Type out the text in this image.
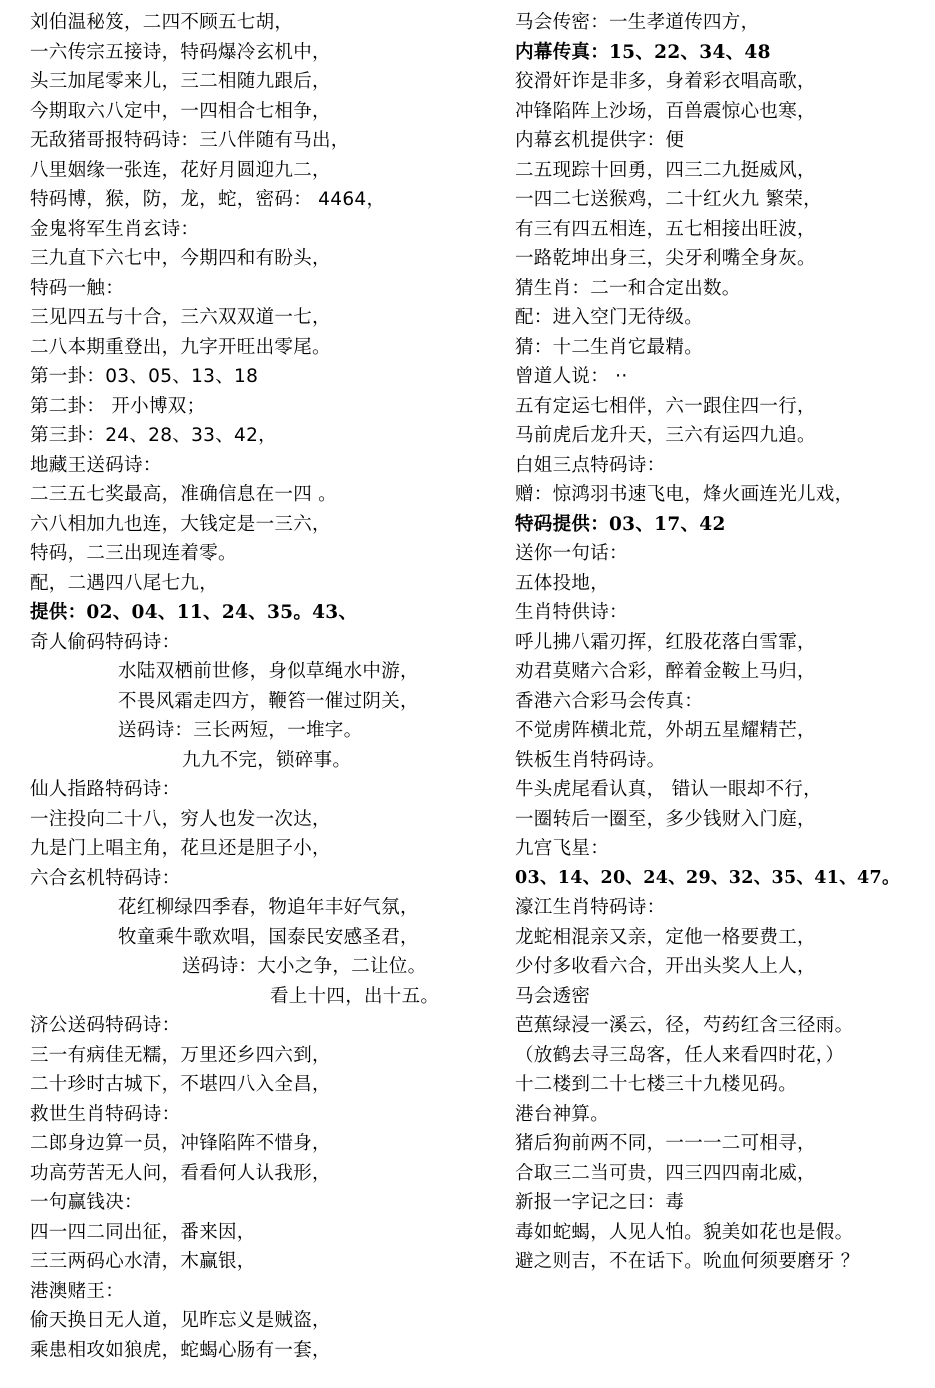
刘伯温秘笈，二四不顾五七胡，
一六传宗五接诗，特码爆冷玄机中，
头三加尾零来儿，三二相随九跟后，
今期取六八定中，一四相合七相争，
无敌猪哥报特码诗：三八伴随有马出，
八里姻缘一张连，花好月圆迎九二，
特码博，猴，防，龙，蛇，密码： 4464，
金鬼将军生肖玄诗：
三九直下六七中，今期四和有盼头，
特码一触：
三见四五与十合，三六双双道一七，
二八本期重登出，九字开旺出零尾。
第一卦：03、05、13、18
第二卦： 开小博双；
第三卦：24、28、33、42，
地藏王送码诗：
二三五七奖最高，准确信息在一四 。
六八相加九也连，大钱定是一三六，
特码，二三出现连着零。
配，二遇四八尾七九，
提供：02、04、11、24、35。43、
奇人偷码特码诗：
水陆双栖前世修，身似草绳水中游，
不畏风霜走四方，鞭笞一催过阴关，
送码诗：三长两短，一堆字。
九九不完，锁碎事。
仙人指路特码诗：
一注投向二十八，穷人也发一次达，
九是门上唱主角，花旦还是胆子小，
六合玄机特码诗：
花红柳绿四季春，物追年丰好气氛，
牧童乘牛歌欢唱，国泰民安感圣君，
送码诗：大小之争，二让位。
看上十四，出十五。
济公送码特码诗：
三一有病佳无糯，万里还乡四六到，
二十珍时古城下，不堪四八入全昌，
救世生肖特码诗：
二郎身边算一员，冲锋陷阵不惜身，
功高劳苦无人问，看看何人认我形，
一句赢钱决：
四一四二同出征，番来因，
三三两码心水清，木赢银，
港澳赌王：
偷天换日无人道，见昨忘义是贼盗，
乘患相攻如狼虎，蛇蝎心肠有一套，
马会传密：一生孝道传四方，
内幕传真：15、22、34、48
狡滑奸诈是非多，身着彩衣唱高歌，
冲锋陷阵上沙场，百兽震惊心也寒，
内幕玄机提供字：便
二五现踪十回勇，四三二九挺威风，
一四二七送猴鸡，二十红火九 繁荣，
有三有四五相连，五七相接出旺波，
一路乾坤出身三，尖牙利嘴全身灰。
猜生肖：二一和合定出数。
配：进入空门无待级。
猜：十二生肖它最精。
曾道人说： ··
五有定运七相伴，六一跟住四一行，
马前虎后龙升天，三六有运四九追。
白姐三点特码诗：
赠：惊鸿羽书速飞电，烽火画连光儿戏，
特码提供：03、17、42
送你一句话：
五体投地，
生肖特供诗：
呼儿拂八霜刃挥，红股花落白雪霏，
劝君莫赌六合彩，醉着金鞍上马归，
香港六合彩马会传真：
不觉虏阵横北荒，外胡五星耀精芒，
铁板生肖特码诗。
牛头虎尾看认真， 错认一眼却不行，
一圈转后一圈至，多少钱财入门庭，
九宫飞星：
03、14、20、24、29、32、35、41、47。
濠江生肖特码诗：
龙蛇相混亲又亲，定他一格要费工，
少付多收看六合，开出头奖人上人，
马会透密
芭蕉绿浸一溪云，径，芍药红含三径雨。
（放鹤去寻三岛客，任人来看四时花，）
十二楼到二十七楼三十九楼见码。
港台神算。
猪后狗前两不同，一一一二可相寻，
合取三二当可贵，四三四四南北威，
新报一字记之曰：毒
毒如蛇蝎，人见人怕。貌美如花也是假。
避之则吉，不在话下。吮血何须要磨牙 ？
